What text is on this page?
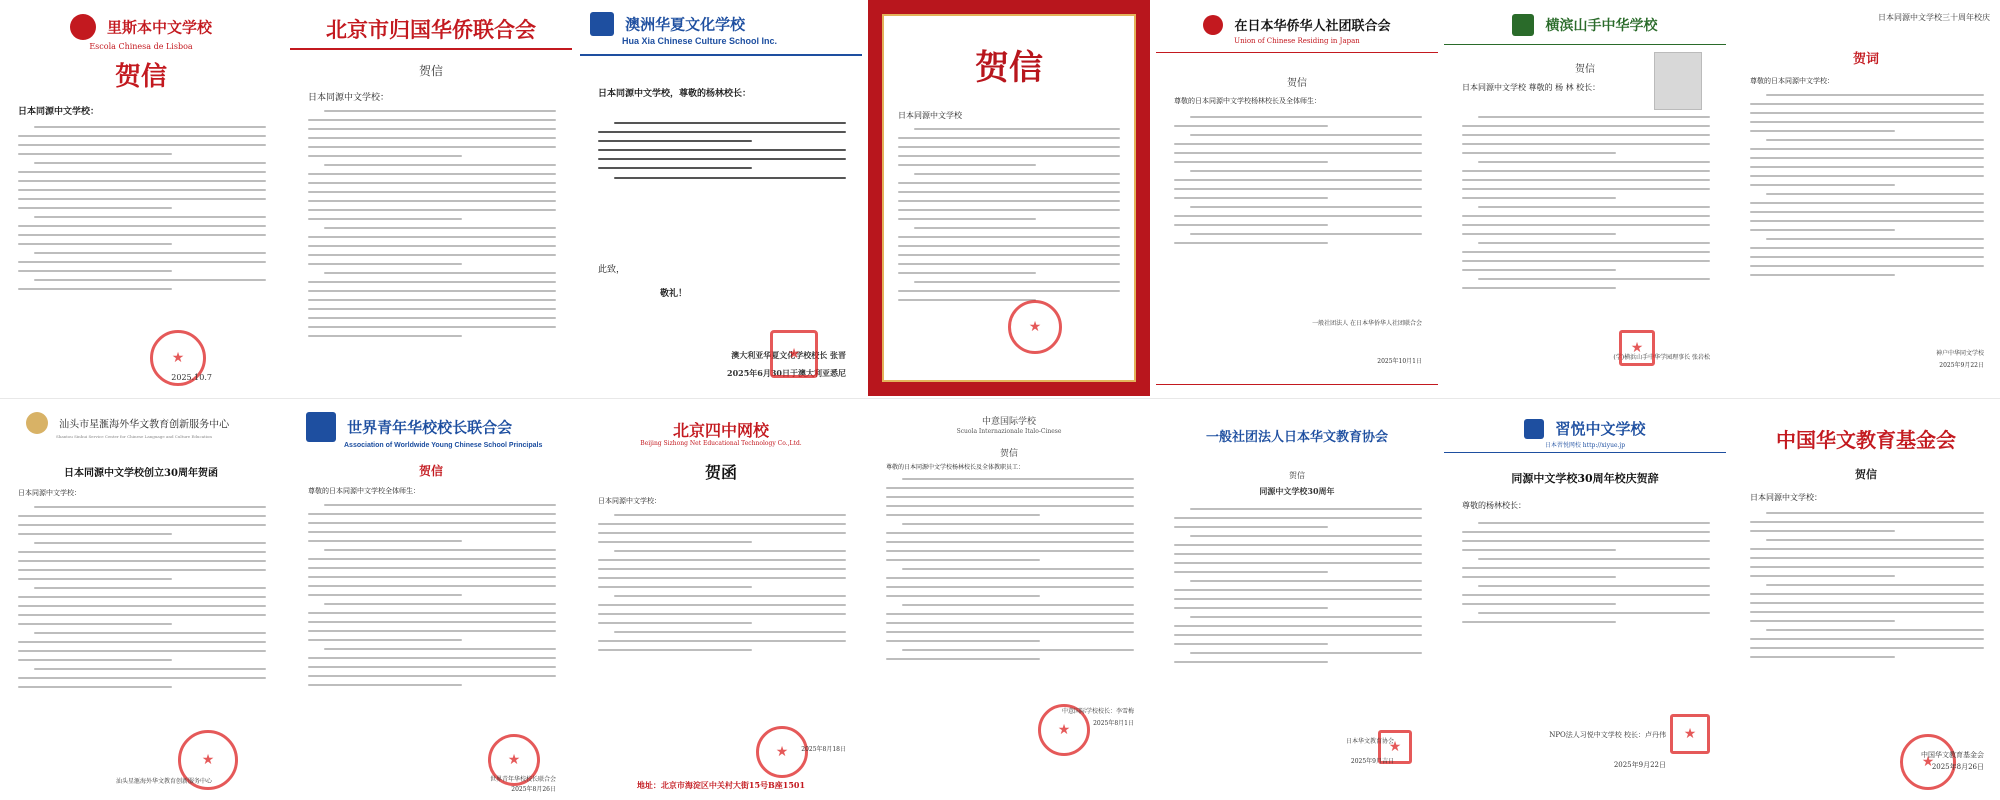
里斯本中文学校
Escola Chinesa de Lisboa
贺信
日本同源中文学校：
★
2025.10.7
北京市归国华侨联合会
贺信
日本同源中文学校：
澳洲华夏文化学校
Hua Xia Chinese Culture School Inc.
日本同源中文学校，尊敬的杨林校长：
此致，
敬礼！
澳大利亚华夏文化学校校长 张晋
2025年6月30日于澳大利亚悉尼
★
贺信
日本同源中文学校
★
在日本华侨华人社团联合会
Union of Chinese Residing in Japan
贺信
尊敬的日本同源中文学校杨林校长及全体师生：
一般社团法人 在日本华侨华人社团联合会
2025年10月1日
横滨山手中华学校
贺信
日本同源中文学校 尊敬的 杨 林 校长：
(学)横浜山手中华学园理事长 张岩松
★
日本同源中文学校三十周年校庆
贺词
尊敬的日本同源中文学校：
神户中华同文学校
2025年9月22日
汕头市星滙海外华文教育创新服务中心
Shantou Sinhui Service Center for Chinese Language and Culture Education
日本同源中文学校创立30周年贺函
日本同源中文学校：
★
汕头星滙海外华文教育创新服务中心
世界青年华校校长联合会
Association of Worldwide Young Chinese School Principals
贺信
尊敬的日本同源中文学校全体师生：
★
世界青年华校校长联合会
2025年8月26日
北京四中网校
Beijing Sizhong Net Educational Technology Co.,Ltd.
贺函
日本同源中文学校：
★
2025年8月18日
地址：北京市海淀区中关村大街15号B座1501
中意国际学校
Scuola Internazionale Italo-Cinese
贺信
尊敬的日本同源中文学校杨林校长及全体教职员工：
★
中意国际学校校长：李雪梅
2025年8月1日
一般社团法人日本华文教育协会
贺信
同源中文学校30周年
★
日本华文教育协会
2025年9月吉日
習悦中文学校
日本習悦网校 http://xiyue.jp
同源中文学校30周年校庆贺辞
尊敬的杨林校长：
★
NPO法人习悦中文学校 校长：卢丹伟
2025年9月22日
中国华文教育基金会
贺信
日本同源中文学校：
★
中国华文教育基金会
2025年8月26日
